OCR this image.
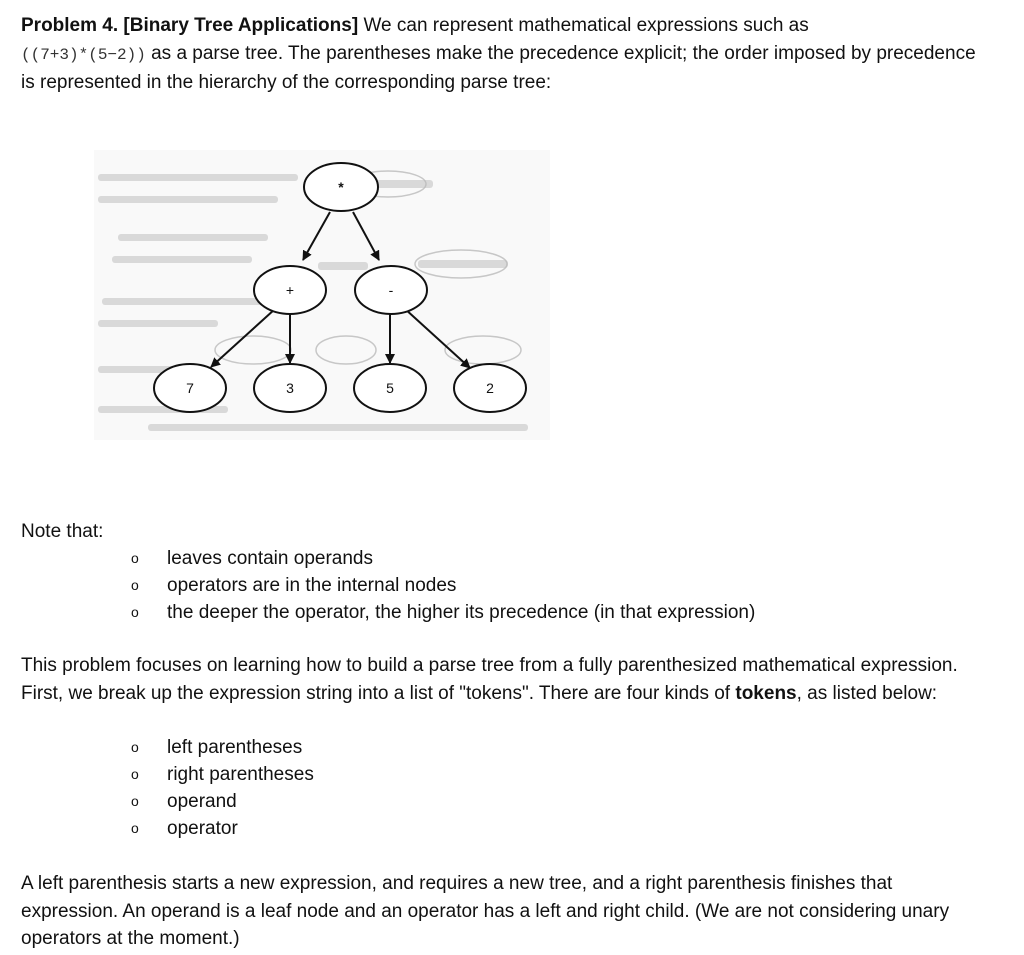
Problem 4. [Binary Tree Applications] We can represent mathematical expressions such as
((7+3)*(5−2)) as a parse tree. The parentheses make the precedence explicit; the order imposed by precedence is represented in the hierarchy of the corresponding parse tree:
*
+	-
7	3	5	2
Note that:
o leaves contain operands
o operators are in the internal nodes
o the deeper the operator, the higher its precedence (in that expression)
This problem focuses on learning how to build a parse tree from a fully parenthesized mathematical expression. First, we break up the expression string into a list of "tokens". There are four kinds of tokens, as listed below:
o left parentheses
o right parentheses
o operand
o operator
A left parenthesis starts a new expression, and requires a new tree, and a right parenthesis finishes that expression. An operand is a leaf node and an operator has a left and right child. (We are not considering unary operators at the moment.)
